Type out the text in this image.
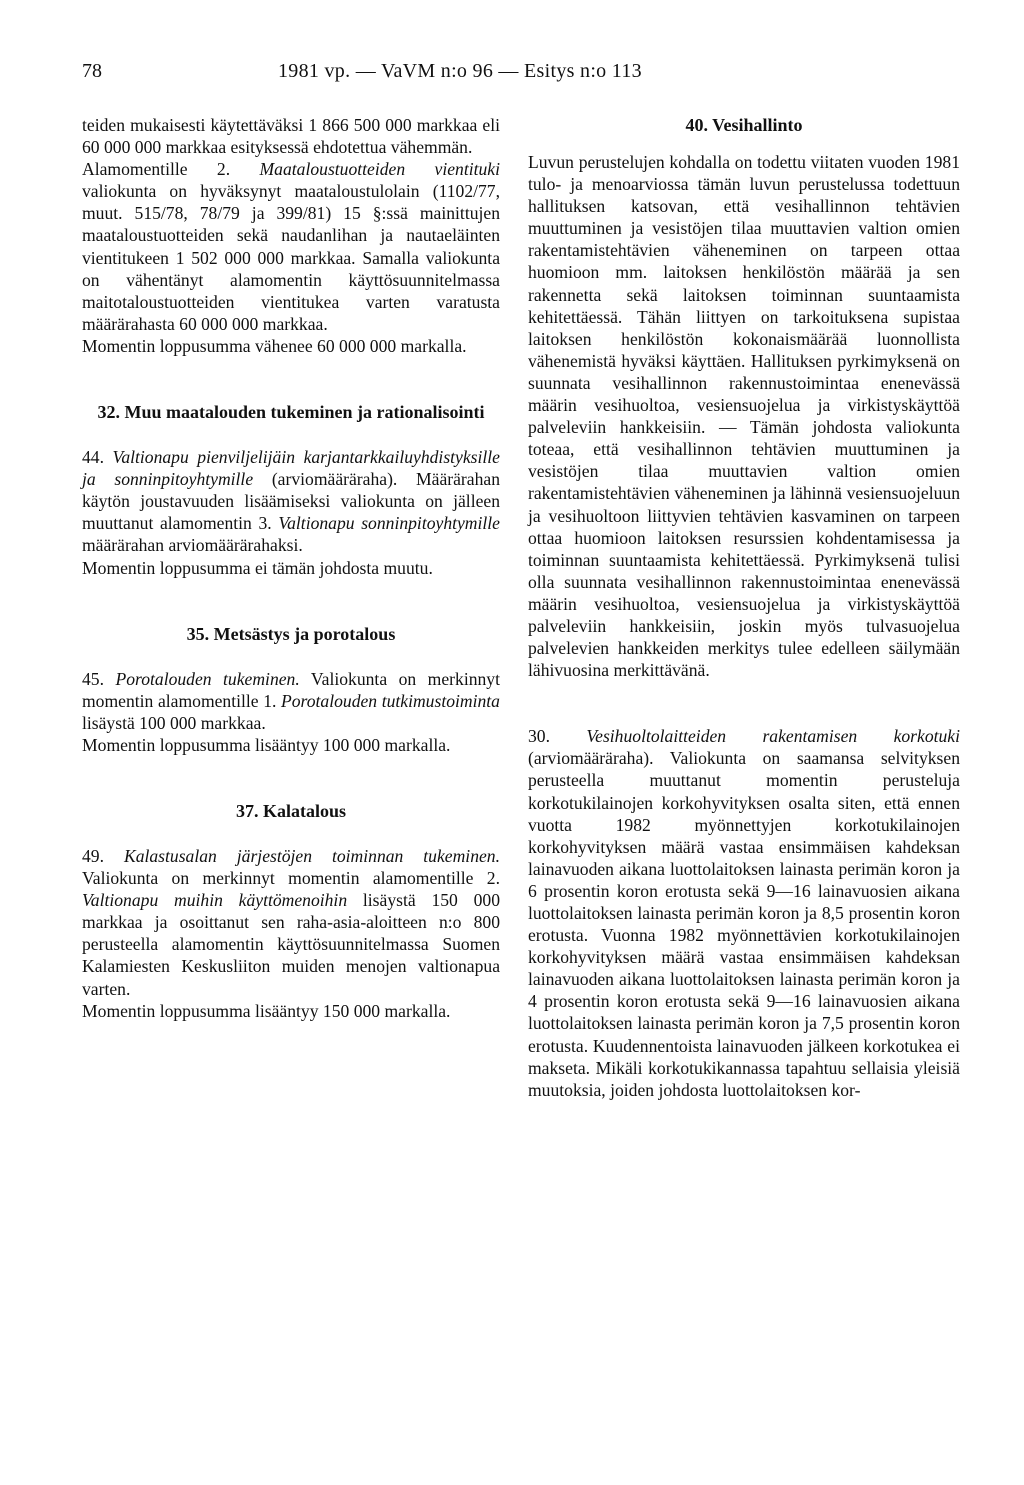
78	1981 vp. — VaVM n:o 96 — Esitys n:o 113

teiden mukaisesti käytettäväksi 1 866 500 000 markkaa eli 60 000 000 markkaa esityksessä ehdotettua vähemmän.

Alamomentille 2. Maataloustuotteiden vientituki valiokunta on hyväksynyt maataloustulolain (1102/77, muut. 515/78, 78/79 ja 399/81) 15 §:ssä mainittujen maataloustuotteiden sekä naudanlihan ja nautaeläinten vientitukeen 1 502 000 000 markkaa. Samalla valiokunta on vähentänyt alamomentin käyttösuunnitelmassa maitotaloustuotteiden vientitukea varten varatusta määrärahasta 60 000 000 markkaa.

Momentin loppusumma vähenee 60 000 000 markalla.

32. Muu maatalouden tukeminen ja rationalisointi

44. Valtionapu pienviljelijäin karjantarkkailuyhdistyksille ja sonninpitoyhtymille (arviomääräraha). Määrärahan käytön joustavuuden lisäämiseksi valiokunta on jälleen muuttanut alamomentin 3. Valtionapu sonninpitoyhtymille määrärahan arviomäärärahaksi.

Momentin loppusumma ei tämän johdosta muutu.

35. Metsästys ja porotalous

45. Porotalouden tukeminen. Valiokunta on merkinnyt momentin alamomentille 1. Porotalouden tutkimustoiminta lisäystä 100 000 markkaa.

Momentin loppusumma lisääntyy 100 000 markalla.

37. Kalatalous

49. Kalastusalan järjestöjen toiminnan tukeminen. Valiokunta on merkinnyt momentin alamomentille 2. Valtionapu muihin käyttömenoihin lisäystä 150 000 markkaa ja osoittanut sen raha-asia-aloitteen n:o 800 perusteella alamomentin käyttösuunnitelmassa Suomen Kalamiesten Keskusliiton muiden menojen valtionapua varten.

Momentin loppusumma lisääntyy 150 000 markalla.

40. Vesihallinto

Luvun perustelujen kohdalla on todettu viitaten vuoden 1981 tulo- ja menoarviossa tämän luvun perustelussa todettuun hallituksen katsovan, että vesihallinnon tehtävien muuttuminen ja vesistöjen tilaa muuttavien valtion omien rakentamistehtävien väheneminen on tarpeen ottaa huomioon mm. laitoksen henkilöstön määrää ja sen rakennetta sekä laitoksen toiminnan suuntaamista kehitettäessä. Tähän liittyen on tarkoituksena supistaa laitoksen henkilöstön kokonaismäärää luonnollista vähenemistä hyväksi käyttäen. Hallituksen pyrkimyksenä on suunnata vesihallinnon rakennustoimintaa enenevässä määrin vesihuoltoa, vesiensuojelua ja virkistyskäyttöä palveleviin hankkeisiin. — Tämän johdosta valiokunta toteaa, että vesihallinnon tehtävien muuttuminen ja vesistöjen tilaa muuttavien valtion omien rakentamistehtävien väheneminen ja lähinnä vesiensuojeluun ja vesihuoltoon liittyvien tehtävien kasvaminen on tarpeen ottaa huomioon laitoksen resurssien kohdentamisessa ja toiminnan suuntaamista kehitettäessä. Pyrkimyksenä tulisi olla suunnata vesihallinnon rakennustoimintaa enenevässä määrin vesihuoltoa, vesiensuojelua ja virkistyskäyttöä palveleviin hankkeisiin, joskin myös tulvasuojelua palvelevien hankkeiden merkitys tulee edelleen säilymään lähivuosina merkittävänä.

30. Vesihuoltolaitteiden rakentamisen korkotuki (arviomääräraha). Valiokunta on saamansa selvityksen perusteella muuttanut momentin perusteluja korkotukilainojen korkohyvityksen osalta siten, että ennen vuotta 1982 myönnettyjen korkotukilainojen korkohyvityksen määrä vastaa ensimmäisen kahdeksan lainavuoden aikana luottolaitoksen lainasta perimän koron ja 6 prosentin koron erotusta sekä 9—16 lainavuosien aikana luottolaitoksen lainasta perimän koron ja 8,5 prosentin koron erotusta. Vuonna 1982 myönnettävien korkotukilainojen korkohyvityksen määrä vastaa ensimmäisen kahdeksan lainavuoden aikana luottolaitoksen lainasta perimän koron ja 4 prosentin koron erotusta sekä 9—16 lainavuosien aikana luottolaitoksen lainasta perimän koron ja 7,5 prosentin koron erotusta. Kuudennentoista lainavuoden jälkeen korkotukea ei makseta. Mikäli korkotukikannassa tapahtuu sellaisia yleisiä muutoksia, joiden johdosta luottolaitoksen kor-
